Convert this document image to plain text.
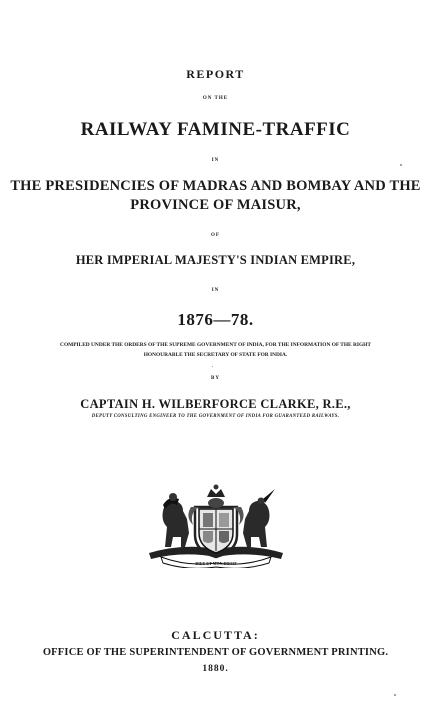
REPORT
ON THE
RAILWAY FAMINE-TRAFFIC
IN
THE PRESIDENCIES OF MADRAS AND BOMBAY AND THE
PROVINCE OF MAISUR,
OF
HER IMPERIAL MAJESTY'S INDIAN EMPIRE,
IN
1876—78.
COMPILED UNDER THE ORDERS OF THE SUPREME GOVERNMENT OF INDIA, FOR THE INFORMATION OF THE RIGHT
HONOURABLE THE SECRETARY OF STATE FOR INDIA.
BY
CAPTAIN H. WILBERFORCE CLARKE, R.E.,
DEPUTY CONSULTING ENGINEER TO THE GOVERNMENT OF INDIA FOR GUARANTEED RAILWAYS.
DIEU ET MON DROIT
CALCUTTA:
OFFICE OF THE SUPERINTENDENT OF GOVERNMENT PRINTING.
1880.
